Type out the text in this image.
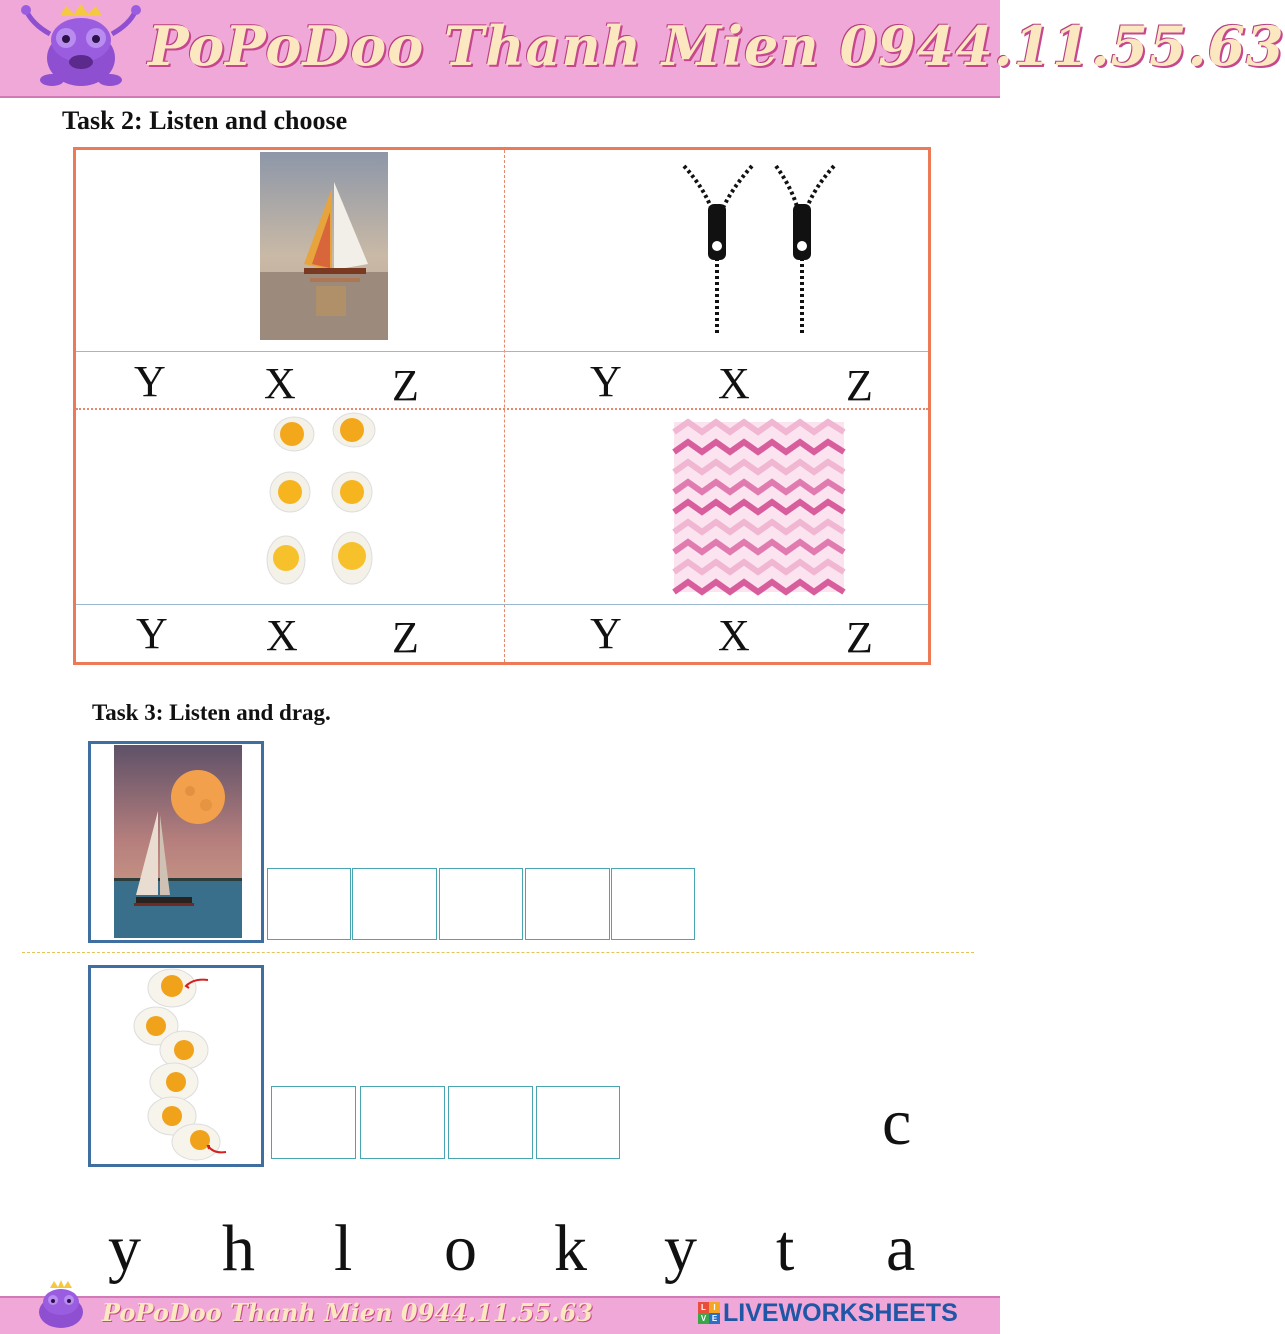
PoPoDoo Thanh Mien 0944.11.55.63
Task 2: Listen and choose
Y X Z	Y X Z
Y X Z	Y X Z
Task 3: Listen and drag.
c
y h l o k y t a
PoPoDoo Thanh Mien 0944.11.55.63	L I
V E LIVEWORKSHEETS
